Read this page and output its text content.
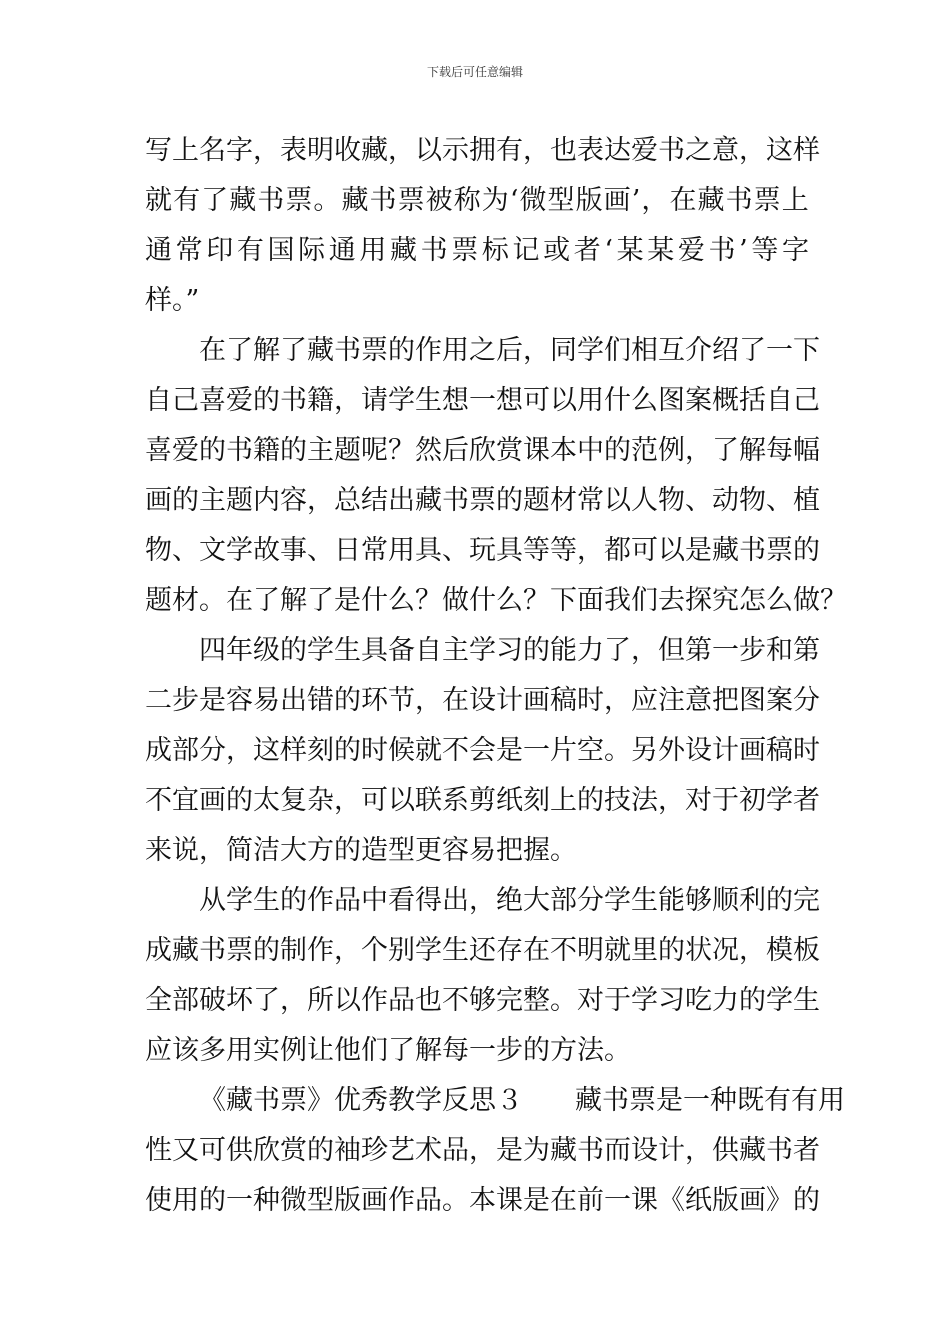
下载后可任意编辑
写 上 名 字 ， 表 明 收 藏 ， 以 示 拥 有 ， 也 表 达 爱 书 之 意 ， 这 样
就 有 了 藏 书 票 。 藏 书 票 被 称 为 ‘ 微 型 版 画 ’ ， 在 藏 书 票 上
通 常 印 有 国 际 通 用 藏 书 票 标 记 或 者 ‘ 某 某 爱 书 ’ 等 字
样。”
在 了 解 了 藏 书 票 的 作 用 之 后 ， 同 学 们 相 互 介 绍 了 一 下
自 己 喜 爱 的 书 籍 ， 请 学 生 想 一 想 可 以 用 什 么 图 案 概 括 自 己
喜 爱 的 书 籍 的 主 题 呢 ？ 然 后 欣 赏 课 本 中 的 范 例 ， 了 解 每 幅
画 的 主 题 内 容 ， 总 结 出 藏 书 票 的 题 材 常 以 人 物 、 动 物 、 植
物 、 文 学 故 事 、 日 常 用 具 、 玩 具 等 等 ， 都 可 以 是 藏 书 票 的
题 材 。 在 了 解 了 是 什 么 ？ 做 什 么 ？ 下 面 我 们 去 探 究 怎 么 做 ？
四 年 级 的 学 生 具 备 自 主 学 习 的 能 力 了 ， 但 第 一 步 和 第
二 步 是 容 易 出 错 的 环 节 ， 在 设 计 画 稿 时 ， 应 注 意 把 图 案 分
成 部 分 ， 这 样 刻 的 时 候 就 不 会 是 一 片 空 。 另 外 设 计 画 稿 时
不 宜 画 的 太 复 杂 ， 可 以 联 系 剪 纸 刻 上 的 技 法 ， 对 于 初 学 者
来说，简洁大方的造型更容易把握。
从 学 生 的 作 品 中 看 得 出 ， 绝 大 部 分 学 生 能 够 顺 利 的 完
成 藏 书 票 的 制 作 ， 个 别 学 生 还 存 在 不 明 就 里 的 状 况 ， 模 板
全 部 破 坏 了 ， 所 以 作 品 也 不 够 完 整 。 对 于 学 习 吃 力 的 学 生
应该多用实例让他们了解每一步的方法。
《藏书票》优秀教学反思３ 藏书票是一种既有有用
性 又 可 供 欣 赏 的 袖 珍 艺 术 品 ， 是 为 藏 书 而 设 计 ， 供 藏 书 者
使 用 的 一 种 微 型 版 画 作 品 。 本 课 是 在 前 一 课 《 纸 版 画 》 的
